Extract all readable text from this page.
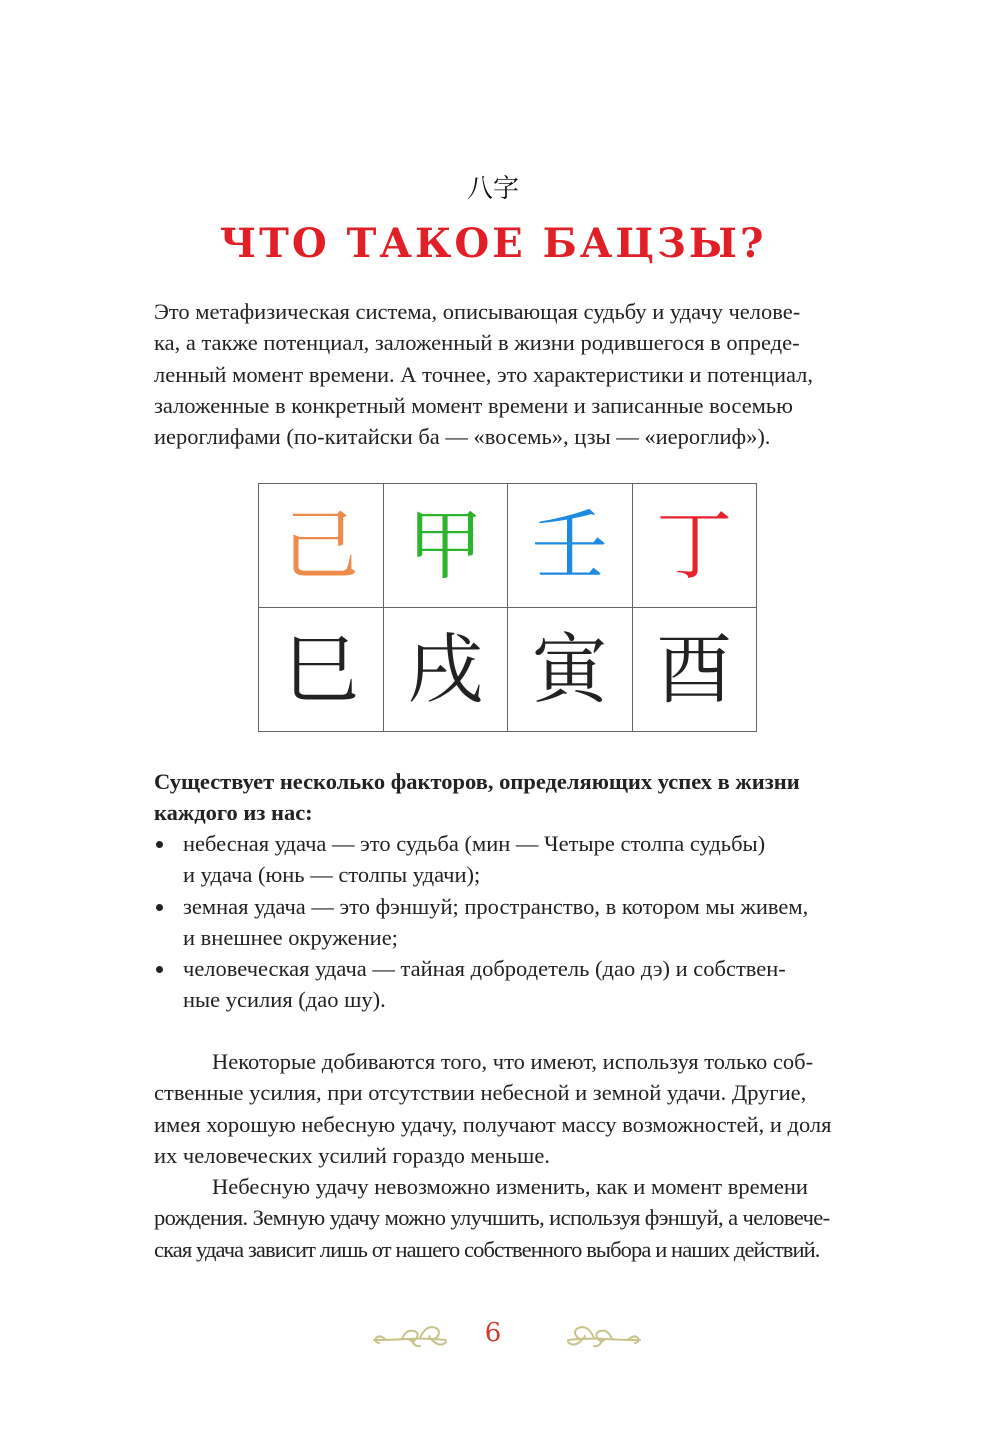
八字
ЧТО ТАКОЕ БАЦЗЫ?
Это метафизическая система, описывающая судьбу и удачу челове-
ка, а также потенциал, заложенный в жизни родившегося в опреде-
ленный момент времени. А точнее, это характеристики и потенциал,
заложенные в конкретный момент времени и записанные восемью
иероглифами (по-китайски ба — «восемь», цзы — «иероглиф»).
己	甲	壬	丁
巳	戌	寅	酉
Существует несколько факторов, определяющих успех в жизни
каждого из нас:
небесная удача — это судьба (мин — Четыре столпа судьбы)
и удача (юнь — столпы удачи);
земная удача — это фэншуй; пространство, в котором мы живем,
и внешнее окружение;
человеческая удача — тайная добродетель (дао дэ) и собствен-
ные усилия (дао шу).
Некоторые добиваются того, что имеют, используя только соб-
ственные усилия, при отсутствии небесной и земной удачи. Другие,
имея хорошую небесную удачу, получают массу возможностей, и доля
их человеческих усилий гораздо меньше.
Небесную удачу невозможно изменить, как и момент времени
рождения. Земную удачу можно улучшить, используя фэншуй, а человече-
ская удача зависит лишь от нашего собственного выбора и наших действий.
6
